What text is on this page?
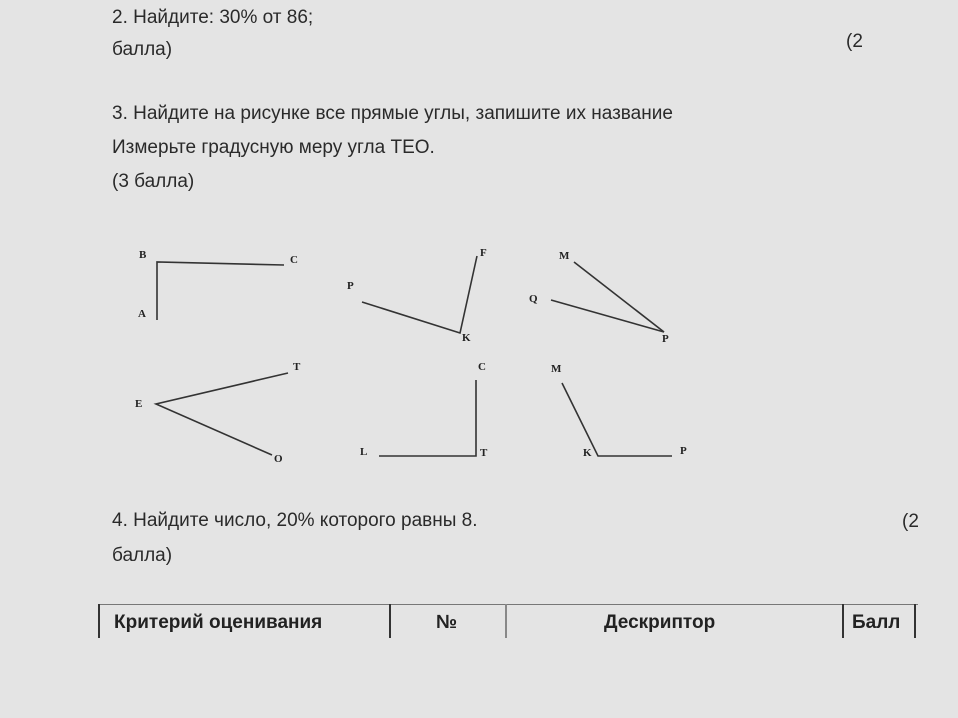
2. Найдите: 30% от 86;
балла)	(2
3. Найдите на рисунке все прямые углы, запишите их название
Измерьте градусную меру угла ТЕО.
(3 балла)
B	C
A
P
F
K
M
Q
P
T
E
O
C
L	T
M
K	P
4. Найдите число, 20% которого равны 8.
балла)
(2
Критерий оценивания	№	Дескриптор	Балл
